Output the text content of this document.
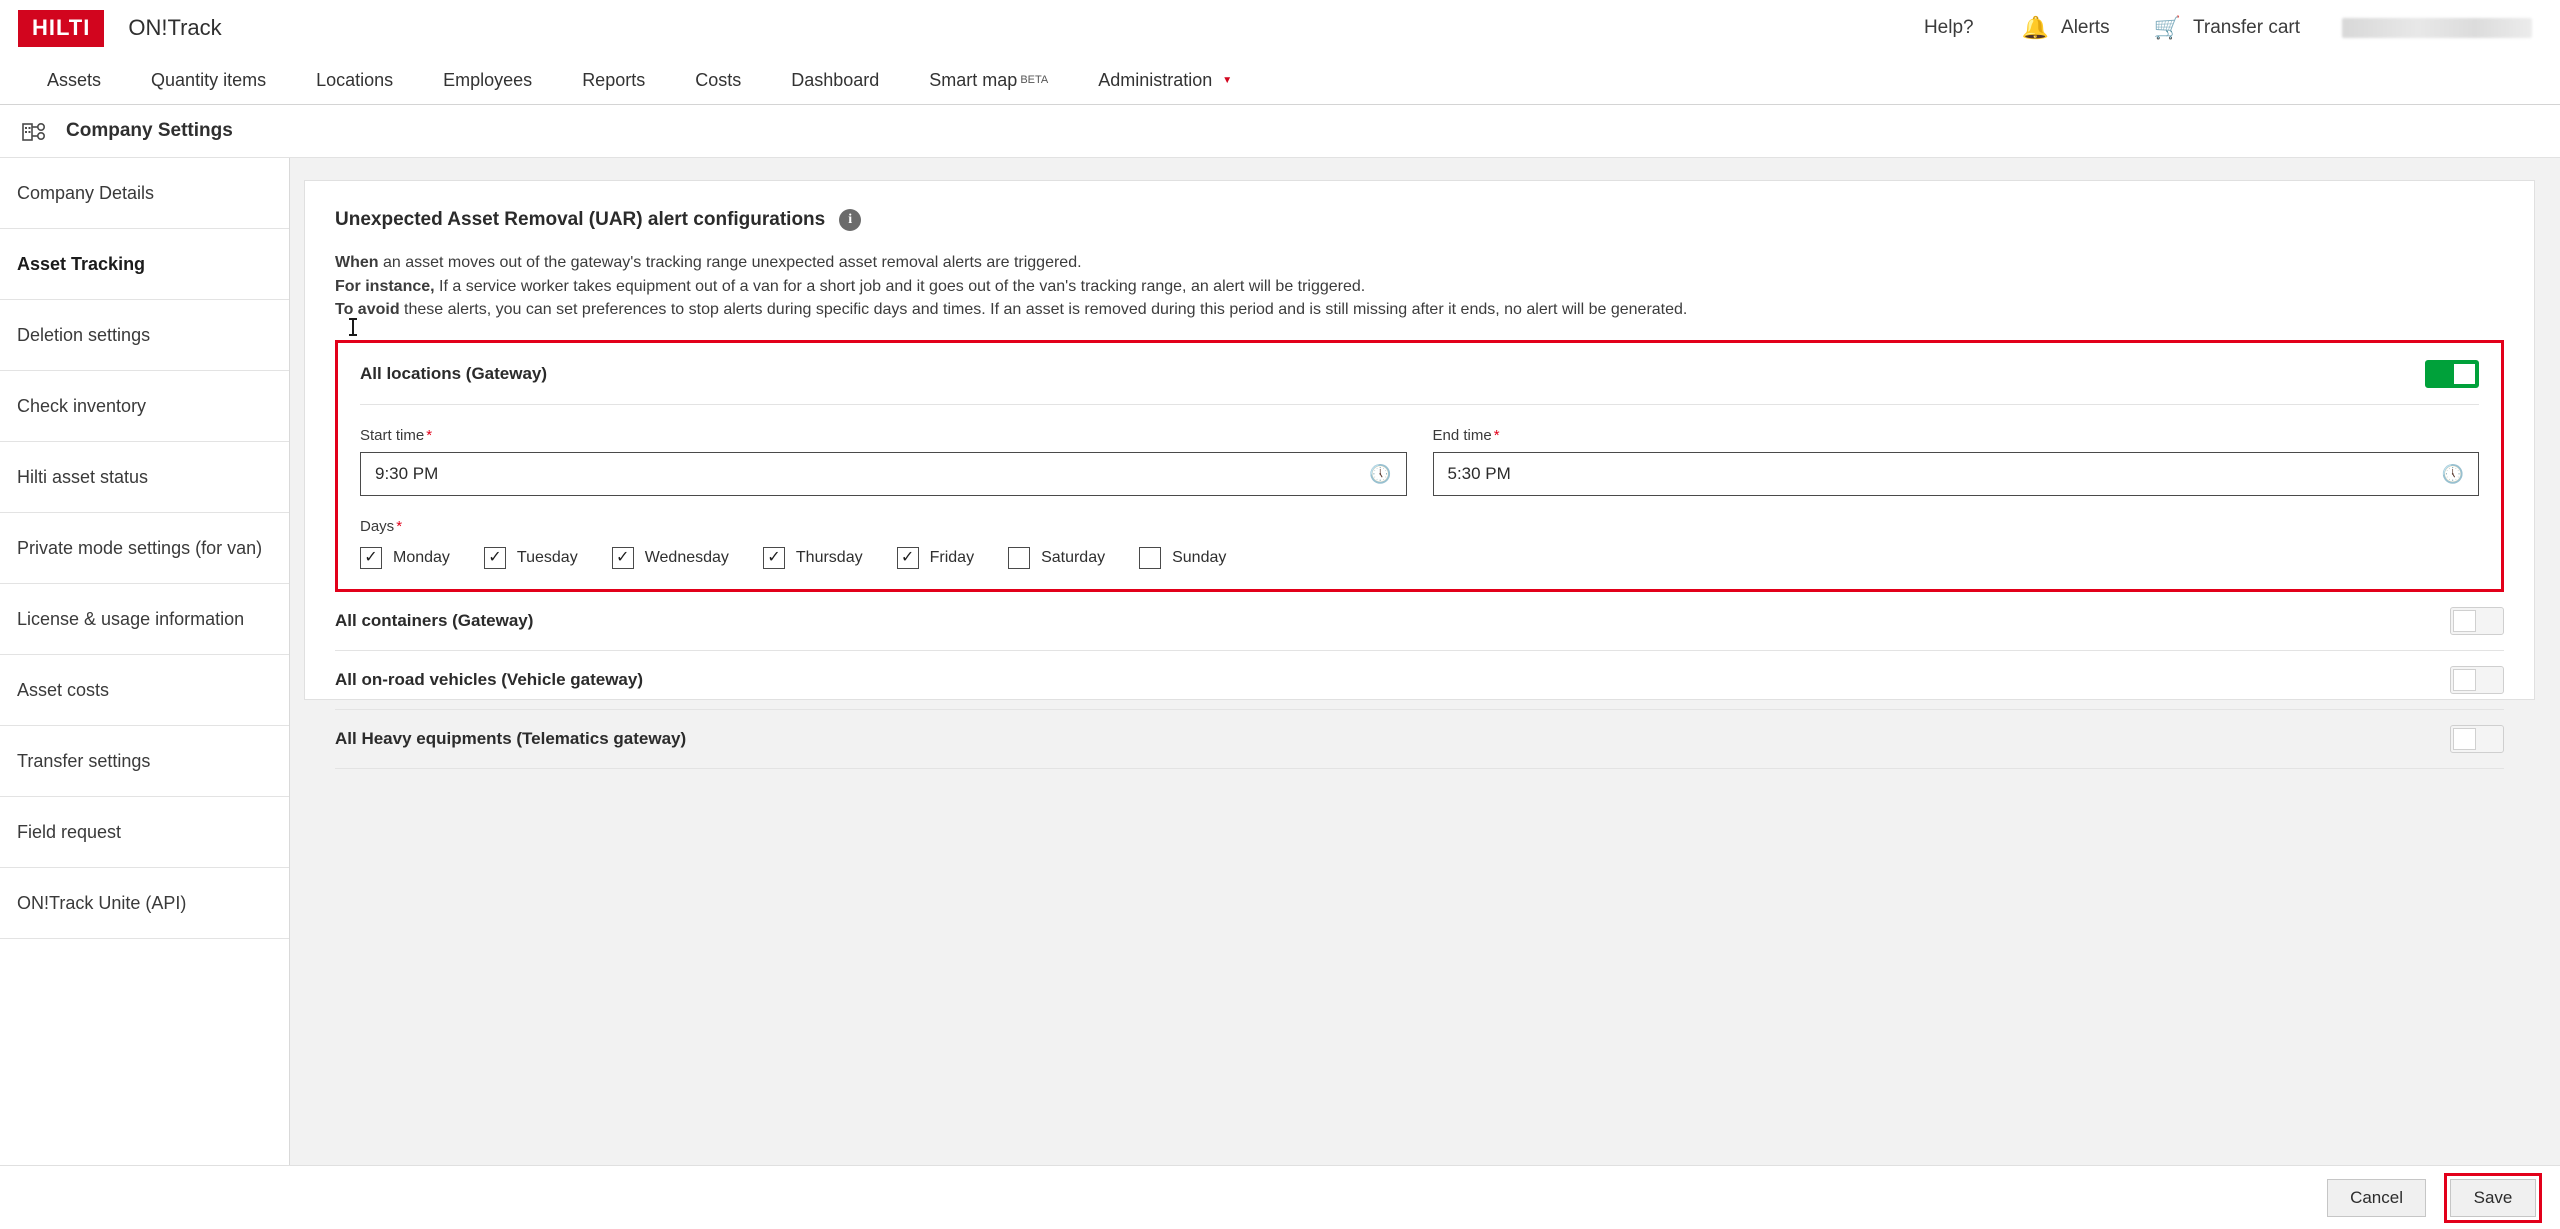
HILTI	ON!Track	Help?	🔔 Alerts 🛒 Transfer cart
Assets	Quantity items	Locations	Employees	Reports	Costs	Dashboard	Smart map BETA	Administration ▼
Company Settings
Company Details
Asset Tracking
Deletion settings
Check inventory
Hilti asset status
Private mode settings (for van)
License & usage information
Asset costs
Transfer settings
Field request
ON!Track Unite (API)
Unexpected Asset Removal (UAR) alert configurations	i
When an asset moves out of the gateway's tracking range unexpected asset removal alerts are triggered.
For instance, If a service worker takes equipment out of a van for a short job and it goes out of the van's tracking range, an alert will be triggered.
To avoid these alerts, you can set preferences to stop alerts during specific days and times. If an asset is removed during this period and is still missing after it ends, no alert will be generated.
All locations (Gateway)
Start time *
9:30 PM	🕔
End time *
5:30 PM	🕔
Days *
✓ Monday ✓ Tuesday ✓ Wednesday ✓ Thursday ✓ Friday	Saturday	Sunday
All containers (Gateway)
All on-road vehicles (Vehicle gateway)
All Heavy equipments (Telematics gateway)
Cancel	Save
